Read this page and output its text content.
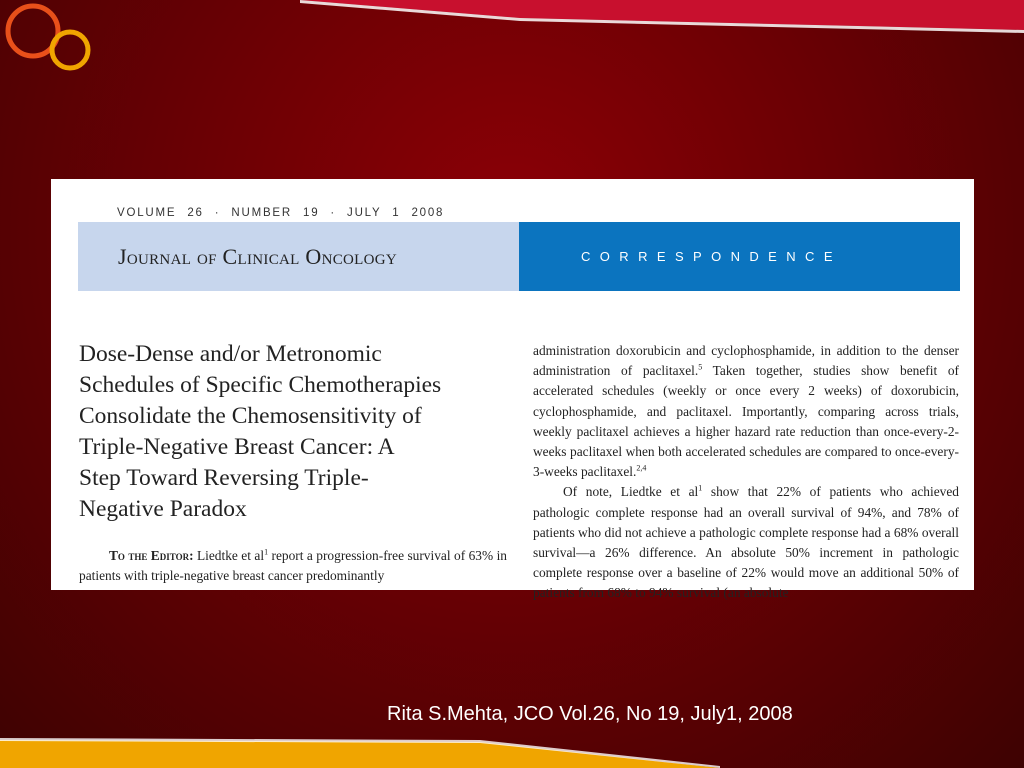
VOLUME 26 · NUMBER 19 · JULY 1 2008
Journal of Clinical Oncology	CORRESPONDENCE
Dose-Dense and/or Metronomic
Schedules of Specific Chemotherapies
Consolidate the Chemosensitivity of
Triple-Negative Breast Cancer: A
Step Toward Reversing Triple-
Negative Paradox
To the Editor: Liedtke et $al^1$ report a progression-free survival of 63% in patients with triple-negative breast cancer predominantly

administration doxorubicin and cyclophosphamide, in addition to the denser administration of paclitaxel.$^5$ Taken together, studies show benefit of accelerated schedules (weekly or once every 2 weeks) of doxorubicin, cyclophosphamide, and paclitaxel. Importantly, comparing across trials, weekly paclitaxel achieves a higher hazard rate reduction than once-every-2-weeks paclitaxel when both accelerated schedules are compared to once-every-3-weeks paclitaxel.$^{2,4}$

Of note, Liedtke et $al^1$ show that 22% of patients who achieved pathologic complete response had an overall survival of 94%, and 78% of patients who did not achieve a pathologic complete response had a 68% overall survival—a 26% difference. An absolute 50% increment in pathologic complete response over a baseline of 22% would move an additional 50% of patients from 68% to 94% survival (an absolute

Rita S.Mehta, JCO Vol.26, No 19, July1, 2008
